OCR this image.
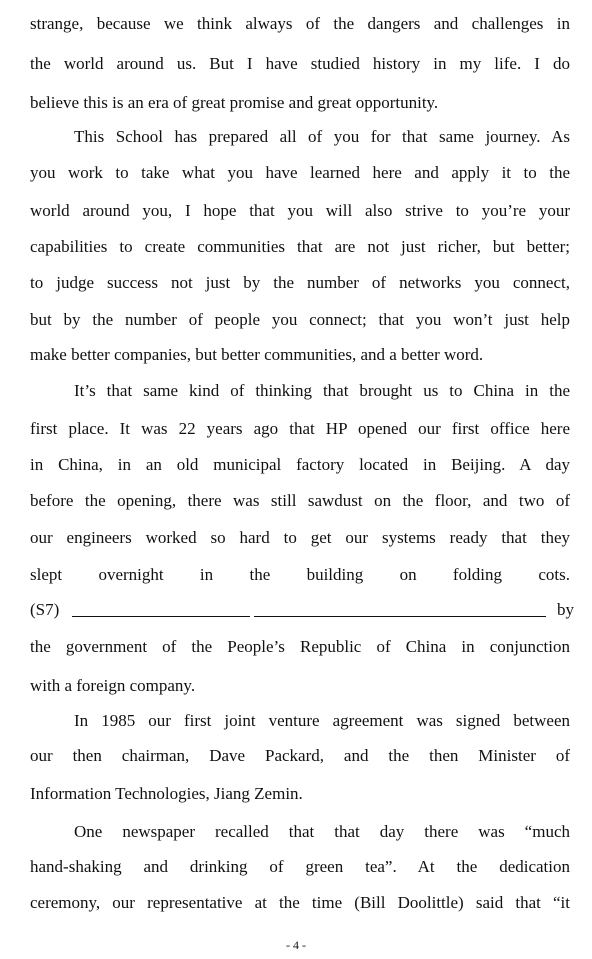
strange, because we think always of the dangers and challenges in
the world around us. But I have studied history in my life. I do
believe this is an era of great promise and great opportunity.
This School has prepared all of you for that same journey. As
you work to take what you have learned here and apply it to the
world around you, I hope that you will also strive to you’re your
capabilities to create communities that are not just richer, but better;
to judge success not just by the number of networks you connect,
but by the number of people you connect; that you won’t just help
make better companies, but better communities, and a better word.
It’s that same kind of thinking that brought us to China in the
first place. It was 22 years ago that HP opened our first office here
in China, in an old municipal factory located in Beijing. A day
before the opening, there was still sawdust on the floor, and two of
our engineers worked so hard to get our systems ready that they
slept overnight in the building on folding cots.
(S7)	by
the government of the People’s Republic of China in conjunction
with a foreign company.
In 1985 our first joint venture agreement was signed between
our then chairman, Dave Packard, and the then Minister of
Information Technologies, Jiang Zemin.
One newspaper recalled that that day there was “much
hand-shaking and drinking of green tea”. At the dedication
ceremony, our representative at the time (Bill Doolittle) said that “it
- 4 -
